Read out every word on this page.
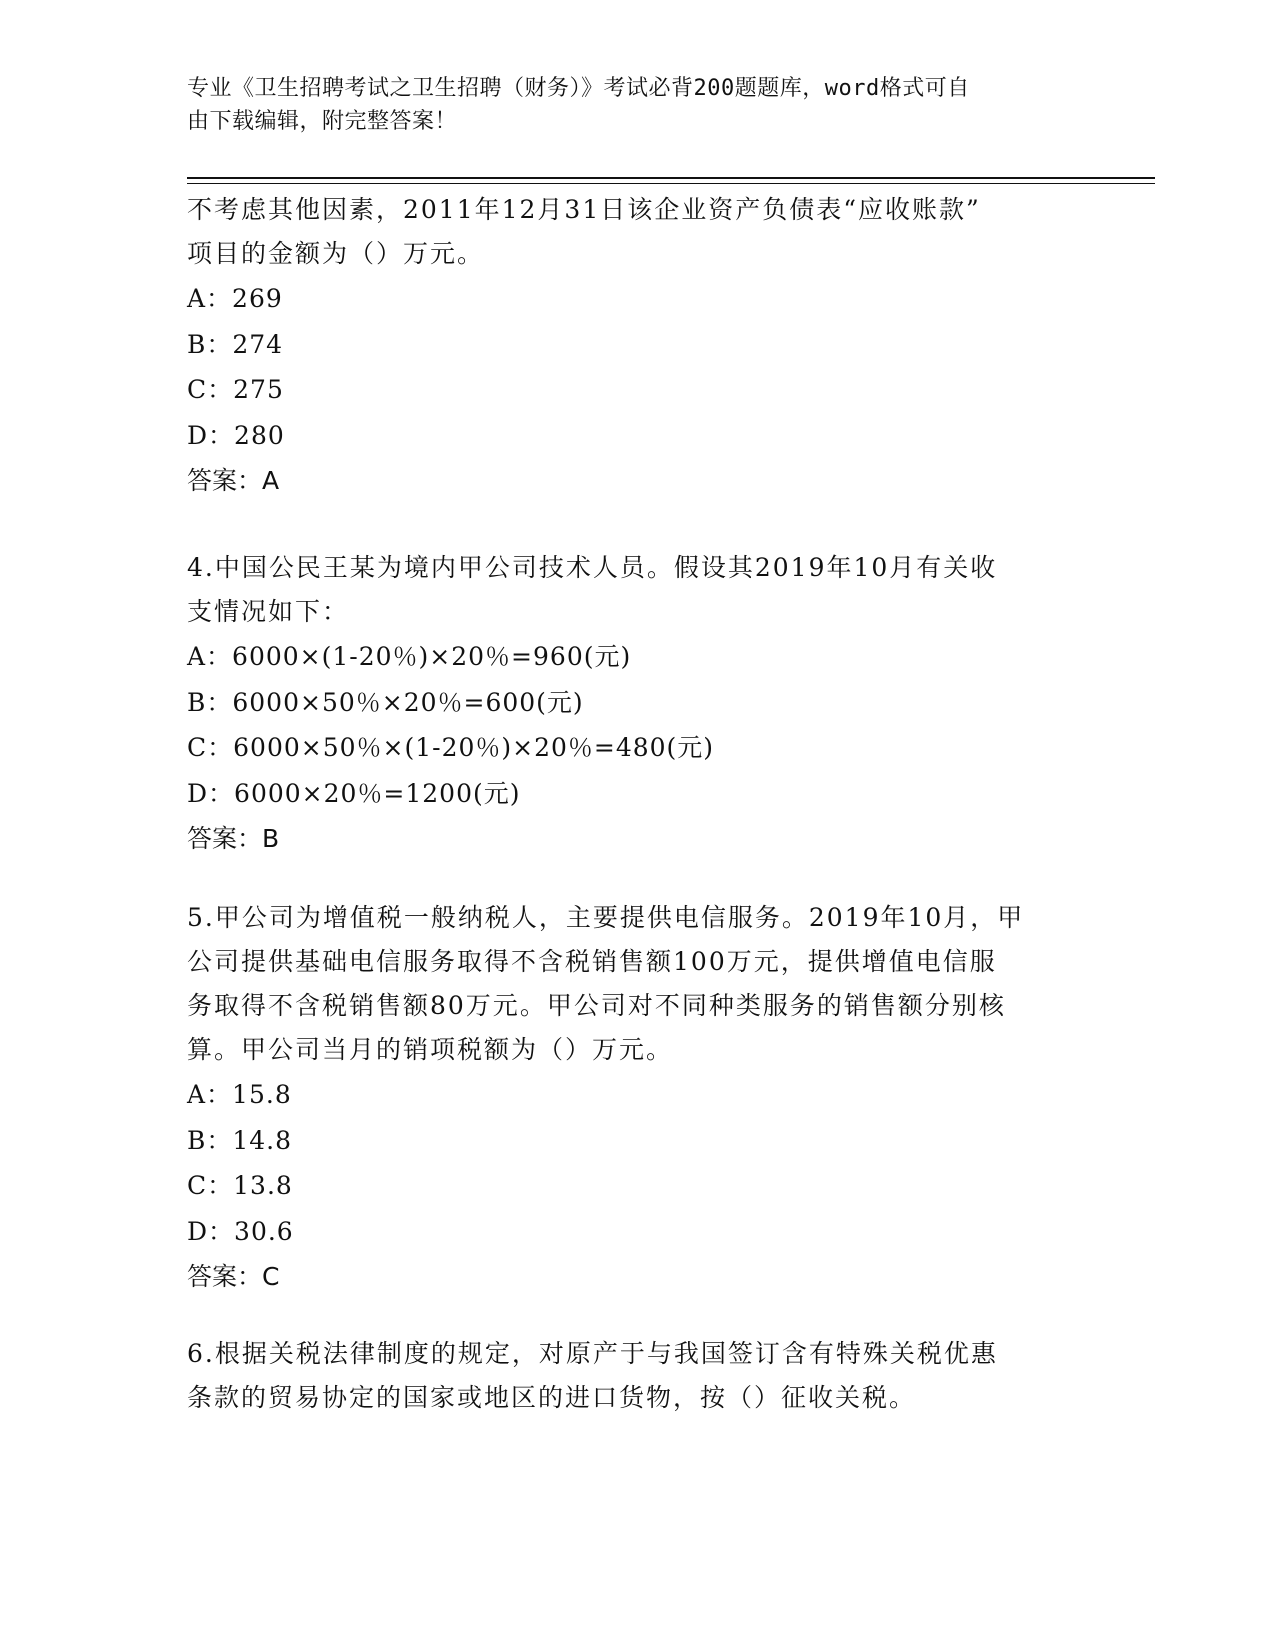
专业《卫生招聘考试之卫生招聘（财务）》考试必背200题题库，word格式可自
由下载编辑，附完整答案！
不考虑其他因素，2011年12月31日该企业资产负债表“应收账款”
项目的金额为（）万元。
A：269
B：274
C：275
D：280
答案：A
4.中国公民王某为境内甲公司技术人员。假设其2019年10月有关收
支情况如下：
A：6000×(1-20％)×20％=960(元)
B：6000×50％×20％=600(元)
C：6000×50％×(1-20％)×20％=480(元)
D：6000×20％=1200(元)
答案：B
5.甲公司为增值税一般纳税人，主要提供电信服务。2019年10月，甲
公司提供基础电信服务取得不含税销售额100万元，提供增值电信服
务取得不含税销售额80万元。甲公司对不同种类服务的销售额分别核
算。甲公司当月的销项税额为（）万元。
A：15.8
B：14.8
C：13.8
D：30.6
答案：C
6.根据关税法律制度的规定，对原产于与我国签订含有特殊关税优惠
条款的贸易协定的国家或地区的进口货物，按（）征收关税。
